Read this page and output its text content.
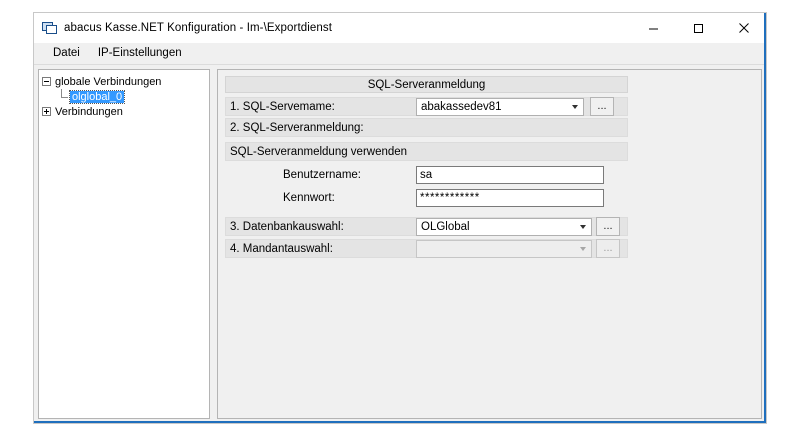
abacus Kasse.NET Konfiguration - Im-\Exportdienst
Datei	IP-Einstellungen
globale Verbindungen
olglobal_0
Verbindungen
SQL-Serveranmeldung
1. SQL-Servemame:	abakassedev81	...
2. SQL-Serveranmeldung:
SQL-Serveranmeldung verwenden
Benutzername:	sa
Kennwort:	************
3. Datenbankauswahl:	OLGlobal	...
4. Mandantauswahl:	...
